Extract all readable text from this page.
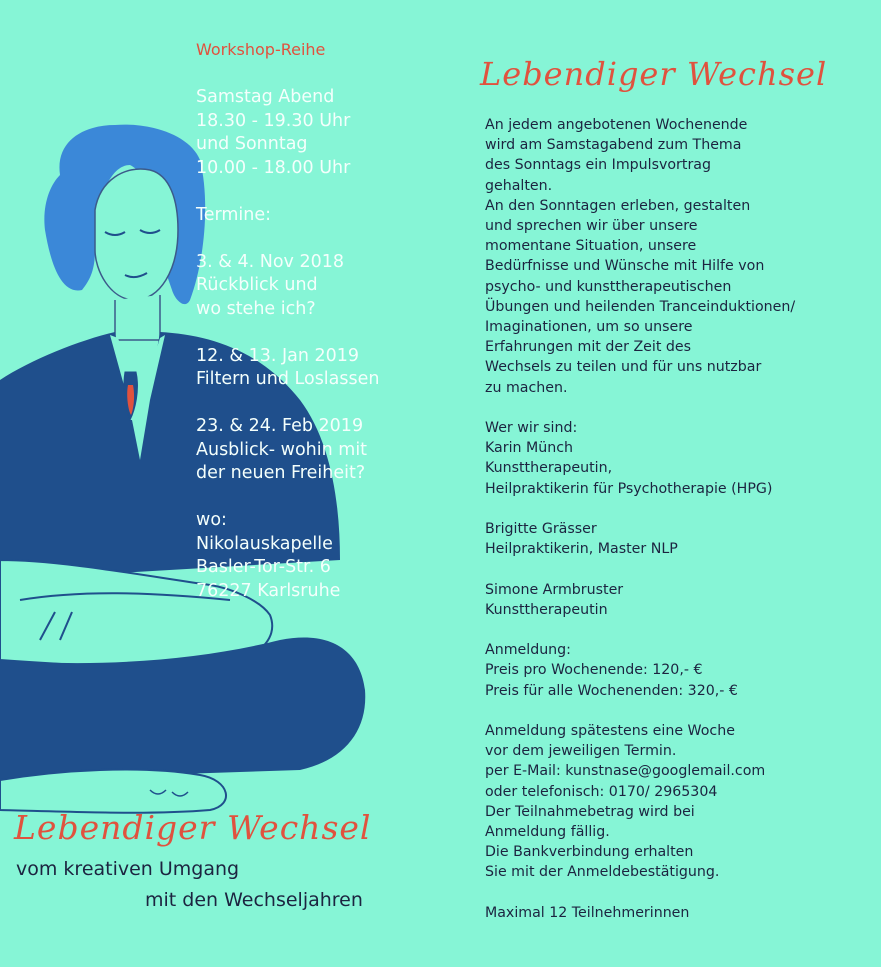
Workshop-Reihe

Samstag Abend

18.30 - 19.30 Uhr

und Sonntag

10.00 - 18.00 Uhr

Termine:

3. & 4. Nov 2018

Rückblick und

wo stehe ich?

12. & 13. Jan 2019

Filtern und Loslassen

23. & 24. Feb 2019

Ausblick- wohin mit

der neuen Freiheit?

wo:

Nikolauskapelle

Basler-Tor-Str. 6

76227 Karlsruhe

Lebendiger Wechsel

vom kreativen Umgang

mit den Wechseljahren

Lebendiger Wechsel

An jedem angebotenen Wochenende

wird am Samstagabend zum Thema

des Sonntags ein Impulsvortrag

gehalten.

An den Sonntagen erleben, gestalten

und sprechen wir über unsere

momentane Situation, unsere

Bedürfnisse und Wünsche mit Hilfe von

psycho- und kunsttherapeutischen

Übungen und heilenden Tranceinduktionen/

Imaginationen, um so unsere

Erfahrungen mit der Zeit des

Wechsels zu teilen und für uns nutzbar

zu machen.

Wer wir sind:

Karin Münch

Kunsttherapeutin,

Heilpraktikerin für Psychotherapie (HPG)

Brigitte Grässer

Heilpraktikerin, Master NLP

Simone Armbruster

Kunsttherapeutin

Anmeldung:

Preis pro Wochenende: 120,- €

Preis für alle Wochenenden: 320,- €

Anmeldung spätestens eine Woche

vor dem jeweiligen Termin.

per E-Mail: kunstnase@googlemail.com

oder telefonisch: 0170/ 2965304

Der Teilnahmebetrag wird bei

Anmeldung fällig.

Die Bankverbindung erhalten

Sie mit der Anmeldebestätigung.

Maximal 12 Teilnehmerinnen
